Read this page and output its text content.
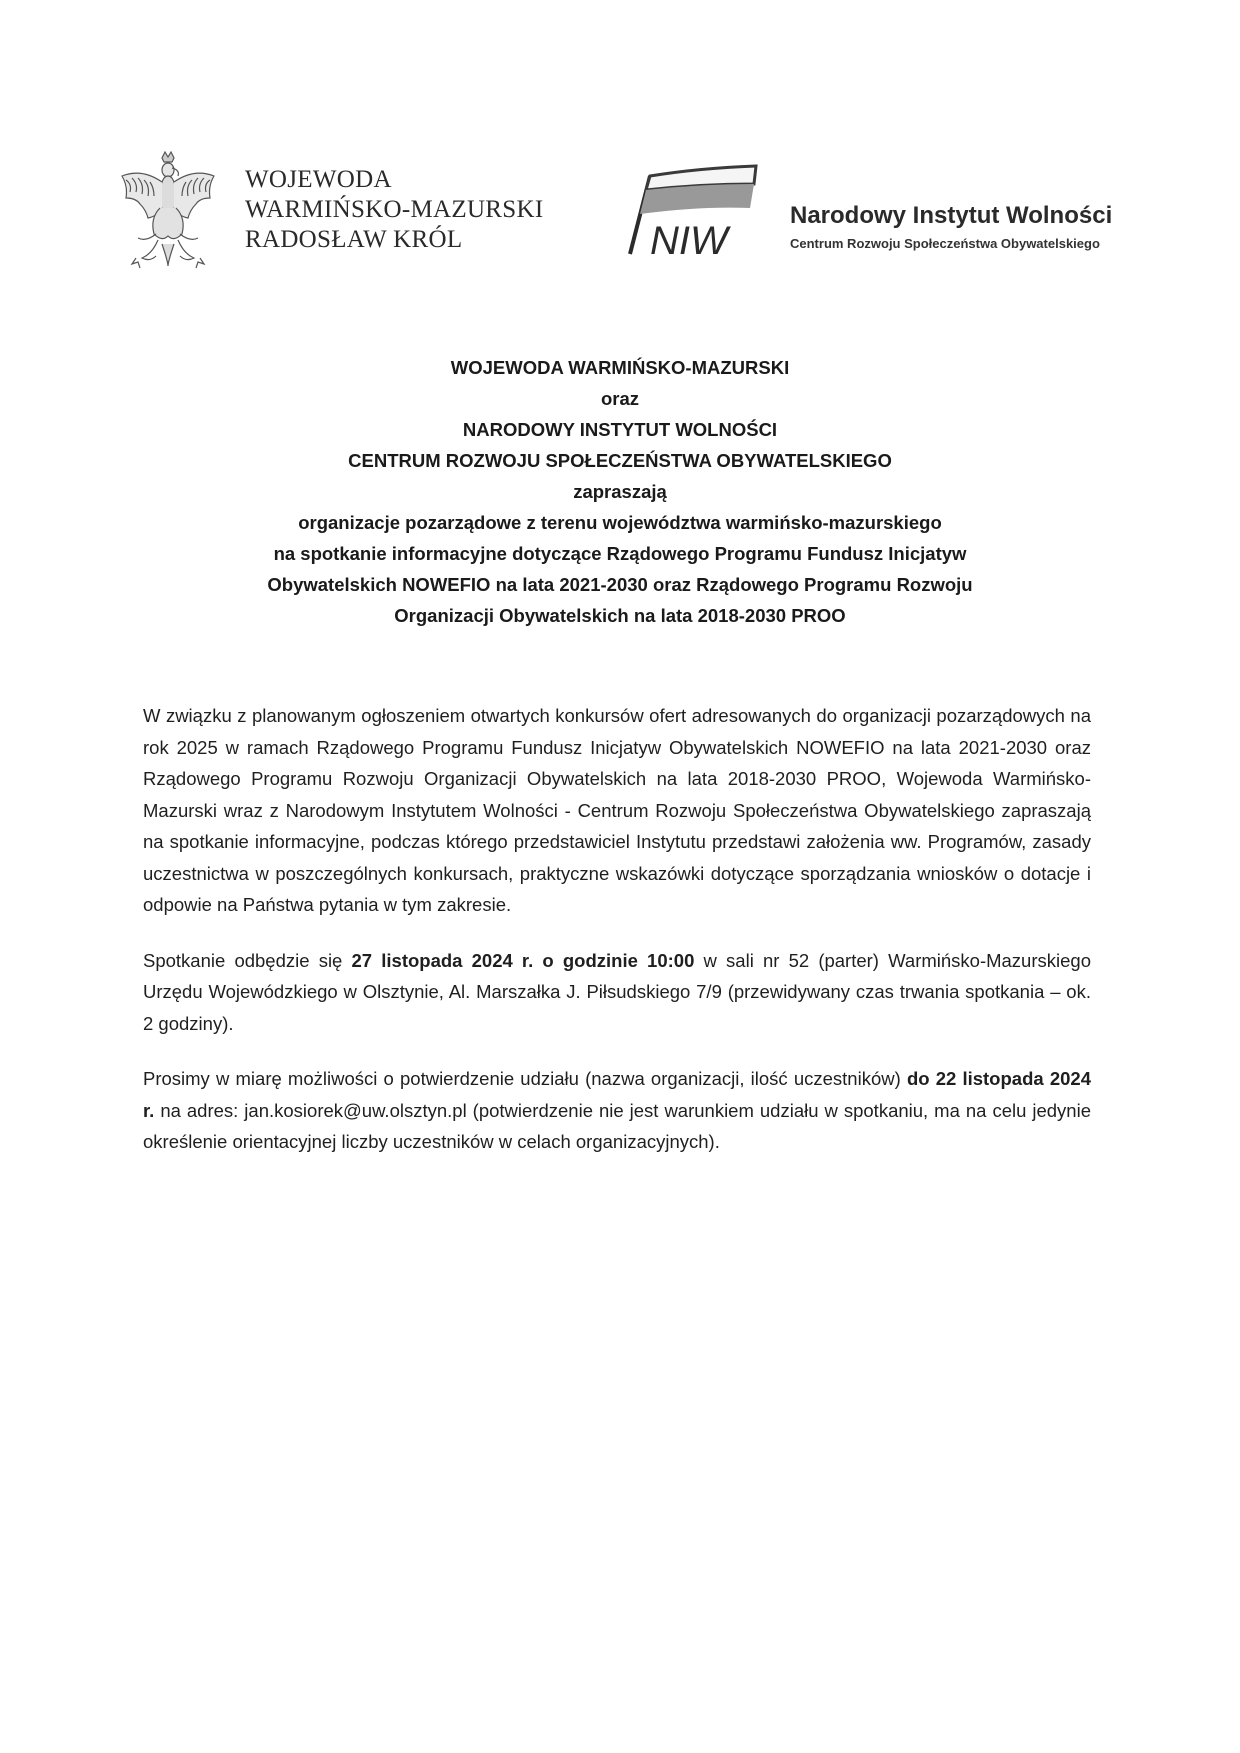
WOJEWODA
WARMIŃSKO-MAZURSKI
RADOSŁAW KRÓL	NIW
Narodowy Instytut Wolności
Centrum Rozwoju Społeczeństwa Obywatelskiego
WOJEWODA WARMIŃSKO-MAZURSKI
oraz
NARODOWY INSTYTUT WOLNOŚCI
CENTRUM ROZWOJU SPOŁECZEŃSTWA OBYWATELSKIEGO
zapraszają
organizacje pozarządowe z terenu województwa warmińsko-mazurskiego
na spotkanie informacyjne dotyczące Rządowego Programu Fundusz Inicjatyw
Obywatelskich NOWEFIO na lata 2021-2030 oraz Rządowego Programu Rozwoju
Organizacji Obywatelskich na lata 2018-2030 PROO

W związku z planowanym ogłoszeniem otwartych konkursów ofert adresowanych do organizacji pozarządowych na rok 2025 w ramach Rządowego Programu Fundusz Inicjatyw Obywatelskich NOWEFIO na lata 2021-2030 oraz Rządowego Programu Rozwoju Organizacji Obywatelskich na lata 2018-2030 PROO, Wojewoda Warmińsko-Mazurski wraz z Narodowym Instytutem Wolności - Centrum Rozwoju Społeczeństwa Obywatelskiego zapraszają na spotkanie informacyjne, podczas którego przedstawiciel Instytutu przedstawi założenia ww. Programów, zasady uczestnictwa w poszczególnych konkursach, praktyczne wskazówki dotyczące sporządzania wniosków o dotacje i odpowie na Państwa pytania w tym zakresie.

Spotkanie odbędzie się 27 listopada 2024 r. o godzinie 10:00 w sali nr 52 (parter) Warmińsko-Mazurskiego Urzędu Wojewódzkiego w Olsztynie, Al. Marszałka J. Piłsudskiego 7/9 (przewidywany czas trwania spotkania – ok. 2 godziny).

Prosimy w miarę możliwości o potwierdzenie udziału (nazwa organizacji, ilość uczestników) do 22 listopada 2024 r. na adres: jan.kosiorek@uw.olsztyn.pl (potwierdzenie nie jest warunkiem udziału w spotkaniu, ma na celu jedynie określenie orientacyjnej liczby uczestników w celach organizacyjnych).
